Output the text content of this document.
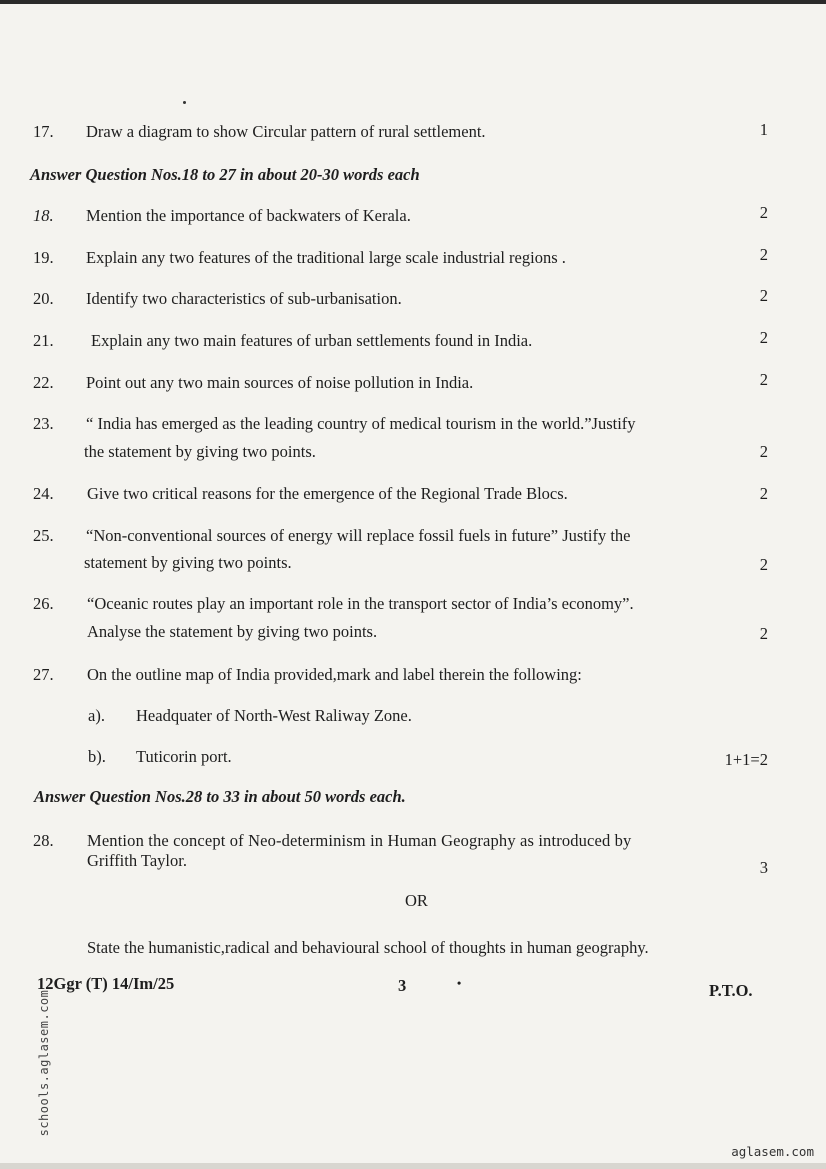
17.	Draw a diagram to show Circular pattern of rural settlement.	1
Answer Question Nos.18 to 27 in about 20-30 words each
18.	Mention the importance of backwaters of Kerala.	2
19.	Explain any two features of the traditional large scale industrial regions .	2
20.	Identify two characteristics of sub-urbanisation.	2
21.	Explain any two main features of urban settlements found in India.	2
22.	Point out any two main sources of noise pollution in India.	2
23.	“ India has emerged as the leading country of medical tourism in the world.”Justify
the statement by giving two points.	2
24.	Give two critical reasons for the emergence of the Regional Trade Blocs.	2
25.	“Non-conventional sources of energy will replace fossil fuels in future” Justify the
statement by giving two points.	2
26.	“Oceanic routes play an important role in the transport sector of India’s economy”.
Analyse the statement by giving two points.	2
27.	On the outline map of India provided,mark and label therein the following:
a). Headquater of North-West Raliway Zone.
b). Tuticorin port.	1+1=2
Answer Question Nos.28 to 33 in about 50 words each.
28.	Mention the concept of Neo-determinism in Human Geography as introduced by
Griffith Taylor.	3
OR
State the humanistic,radical and behavioural school of thoughts in human geography.
12Ggr (T) 14/Im/25	3	•	P.T.O.
schools.aglasem.com
aglasem.com
